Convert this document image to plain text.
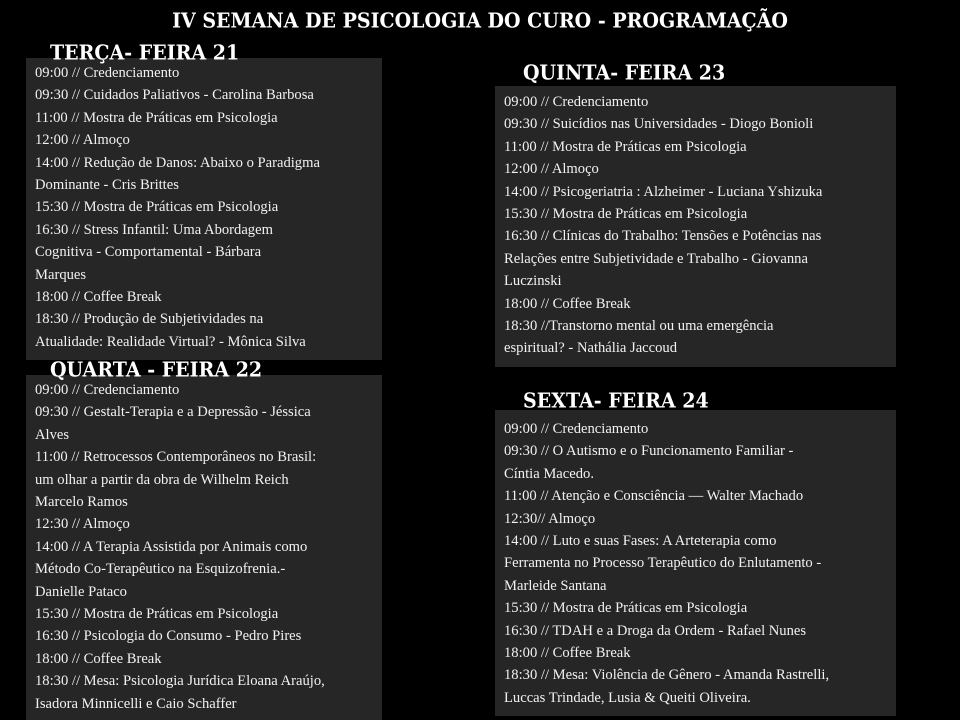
IV SEMANA DE PSICOLOGIA DO CURO - PROGRAMAÇÃO
TERÇA- FEIRA 21
09:00 // Credenciamento
09:30 // Cuidados Paliativos - Carolina Barbosa
11:00 // Mostra de Práticas em Psicologia
12:00 // Almoço
14:00 // Redução de Danos: Abaixo o Paradigma
Dominante - Cris Brittes
15:30 // Mostra de Práticas em Psicologia
16:30 // Stress Infantil: Uma Abordagem
Cognitiva - Comportamental - Bárbara
Marques
18:00 // Coffee Break
18:30 // Produção de Subjetividades na
Atualidade: Realidade Virtual? - Mônica Silva
QUARTA - FEIRA 22
09:00 // Credenciamento
09:30 // Gestalt-Terapia e a Depressão - Jéssica
Alves
11:00 // Retrocessos Contemporâneos no Brasil:
um olhar a partir da obra de Wilhelm Reich
Marcelo Ramos
12:30 // Almoço
14:00 // A Terapia Assistida por Animais como
Método Co-Terapêutico na Esquizofrenia.-
Danielle Pataco
15:30 // Mostra de Práticas em Psicologia
16:30 // Psicologia do Consumo - Pedro Pires
18:00 // Coffee Break
18:30 // Mesa: Psicologia Jurídica Eloana Araújo,
Isadora Minnicelli e Caio Schaffer
QUINTA- FEIRA 23
09:00 // Credenciamento
09:30 // Suicídios nas Universidades - Diogo Bonioli
11:00 // Mostra de Práticas em Psicologia
12:00 // Almoço
14:00 // Psicogeriatria : Alzheimer - Luciana Yshizuka
15:30 // Mostra de Práticas em Psicologia
16:30 // Clínicas do Trabalho: Tensões e Potências nas
Relações entre Subjetividade e Trabalho - Giovanna
Luczinski
18:00 // Coffee Break
18:30 //Transtorno mental ou uma emergência
espiritual? - Nathália Jaccoud
SEXTA- FEIRA 24
09:00 // Credenciamento
09:30 // O Autismo e o Funcionamento Familiar -
Cíntia Macedo.
11:00 // Atenção e Consciência — Walter Machado
12:30// Almoço
14:00 // Luto e suas Fases: A Arteterapia como
Ferramenta no Processo Terapêutico do Enlutamento -
Marleide Santana
15:30 // Mostra de Práticas em Psicologia
16:30 // TDAH e a Droga da Ordem - Rafael Nunes
18:00 // Coffee Break
18:30 // Mesa: Violência de Gênero - Amanda Rastrelli,
Luccas Trindade, Lusia & Queiti Oliveira.
